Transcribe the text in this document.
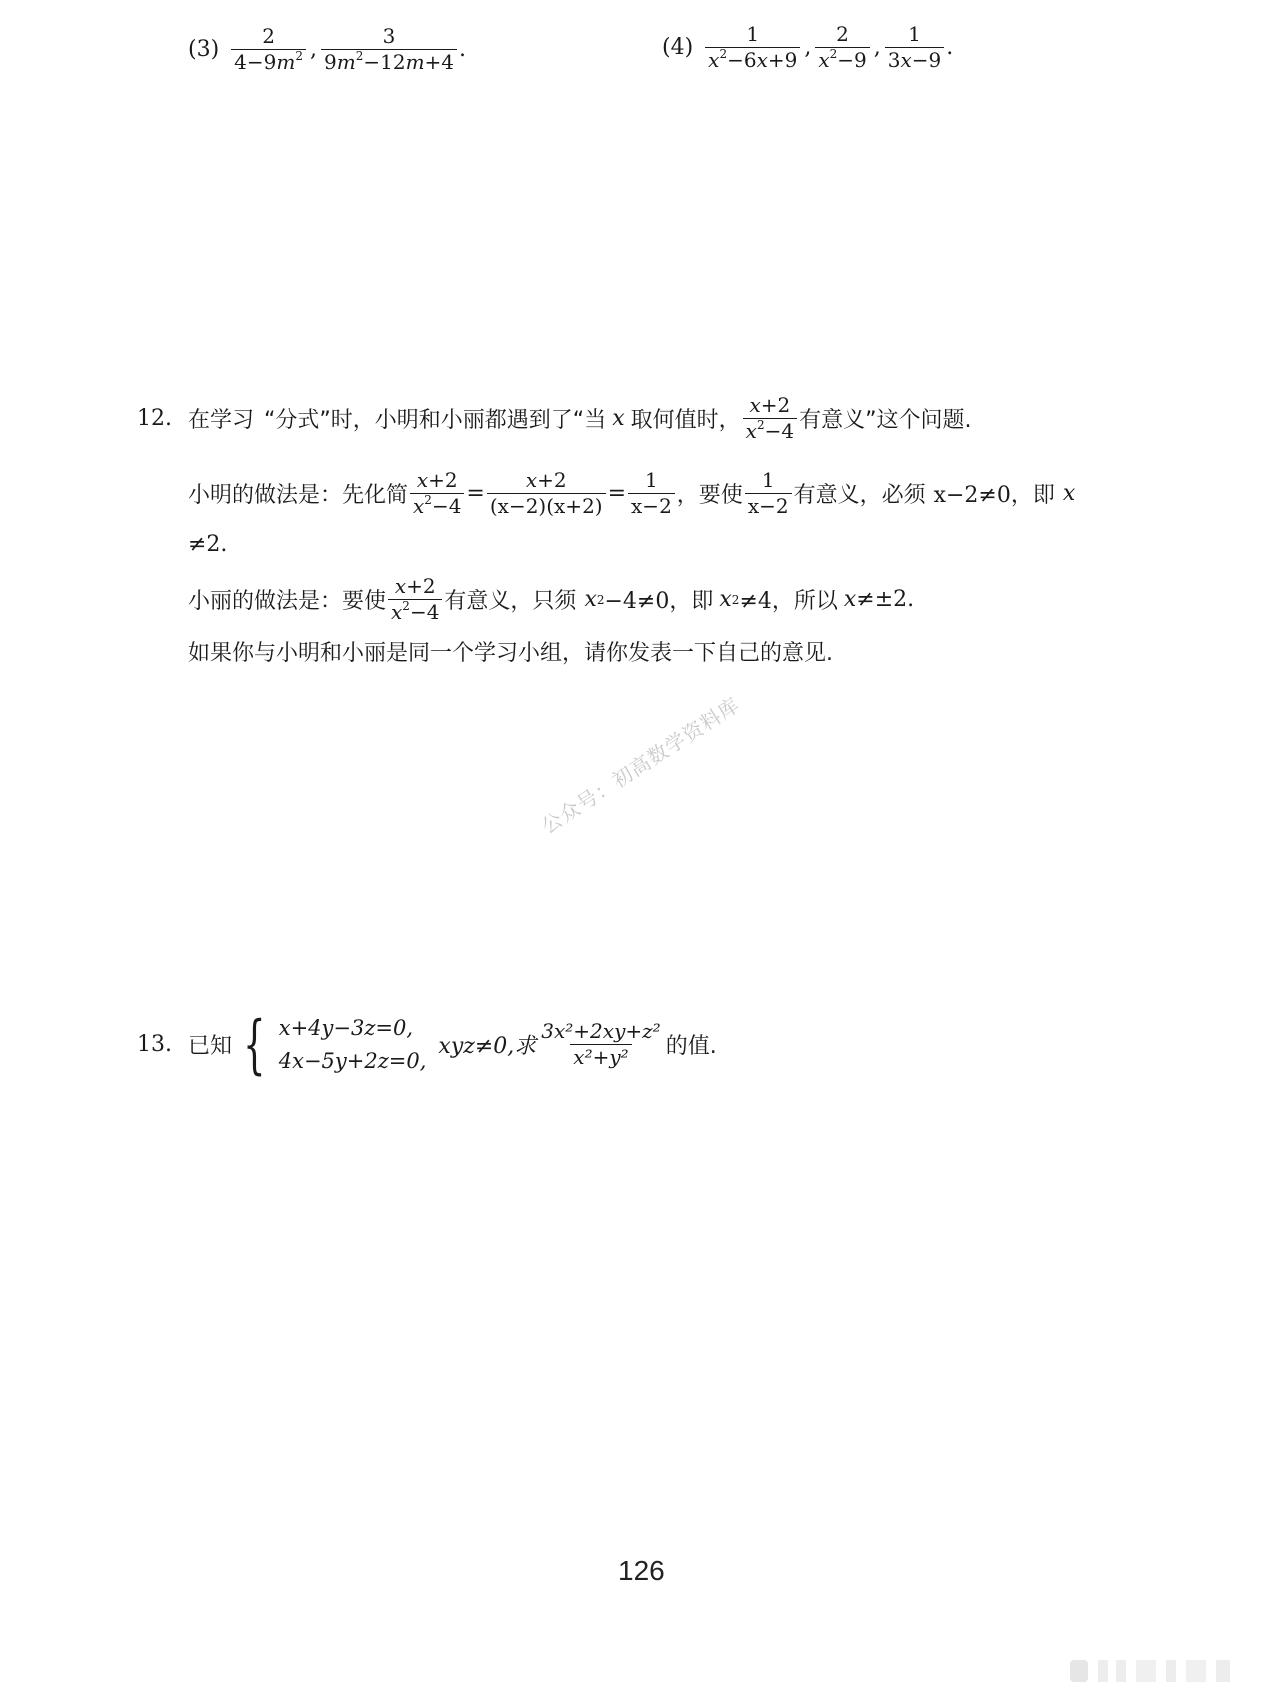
$(3) \frac{2}{4-9m^2}$ , $\frac{3}{9m^2-12m+4}$ .	$(4) \frac{1}{x^2-6x+9}$ , $\frac{2}{x^2-9}$ , $\frac{1}{3x-9}$ .
12. 在学习 “分式”时，小明和小丽都遇到了“当 x 取何值时， $\frac{x+2}{x^2-4}$ 有意义”这个问题.
小明的做法是：先化简 $\frac{x+2}{x^2-4} = \frac{x+2}{(x-2)(x+2)} = \frac{1}{x-2}$ ，要使 $\frac{1}{x-2}$ 有意义，必须 x−2≠0，即 x
≠2.
小丽的做法是：要使 $\frac{x+2}{x^2-4}$ 有意义，只须 x 2 −4≠0，即 x 2 ≠4，所以 x ≠±2.
如果你与小明和小丽是同一个学习小组，请你发表一下自己的意见.
公众号：初高数学资料库
13. 已知 { x+4y−3z=0,
4x−5y+2z=0,
xyz≠0,求 $\frac{\text{3x²+2xy+z²}}{\text{x²+y²}}$ 的值.
126
